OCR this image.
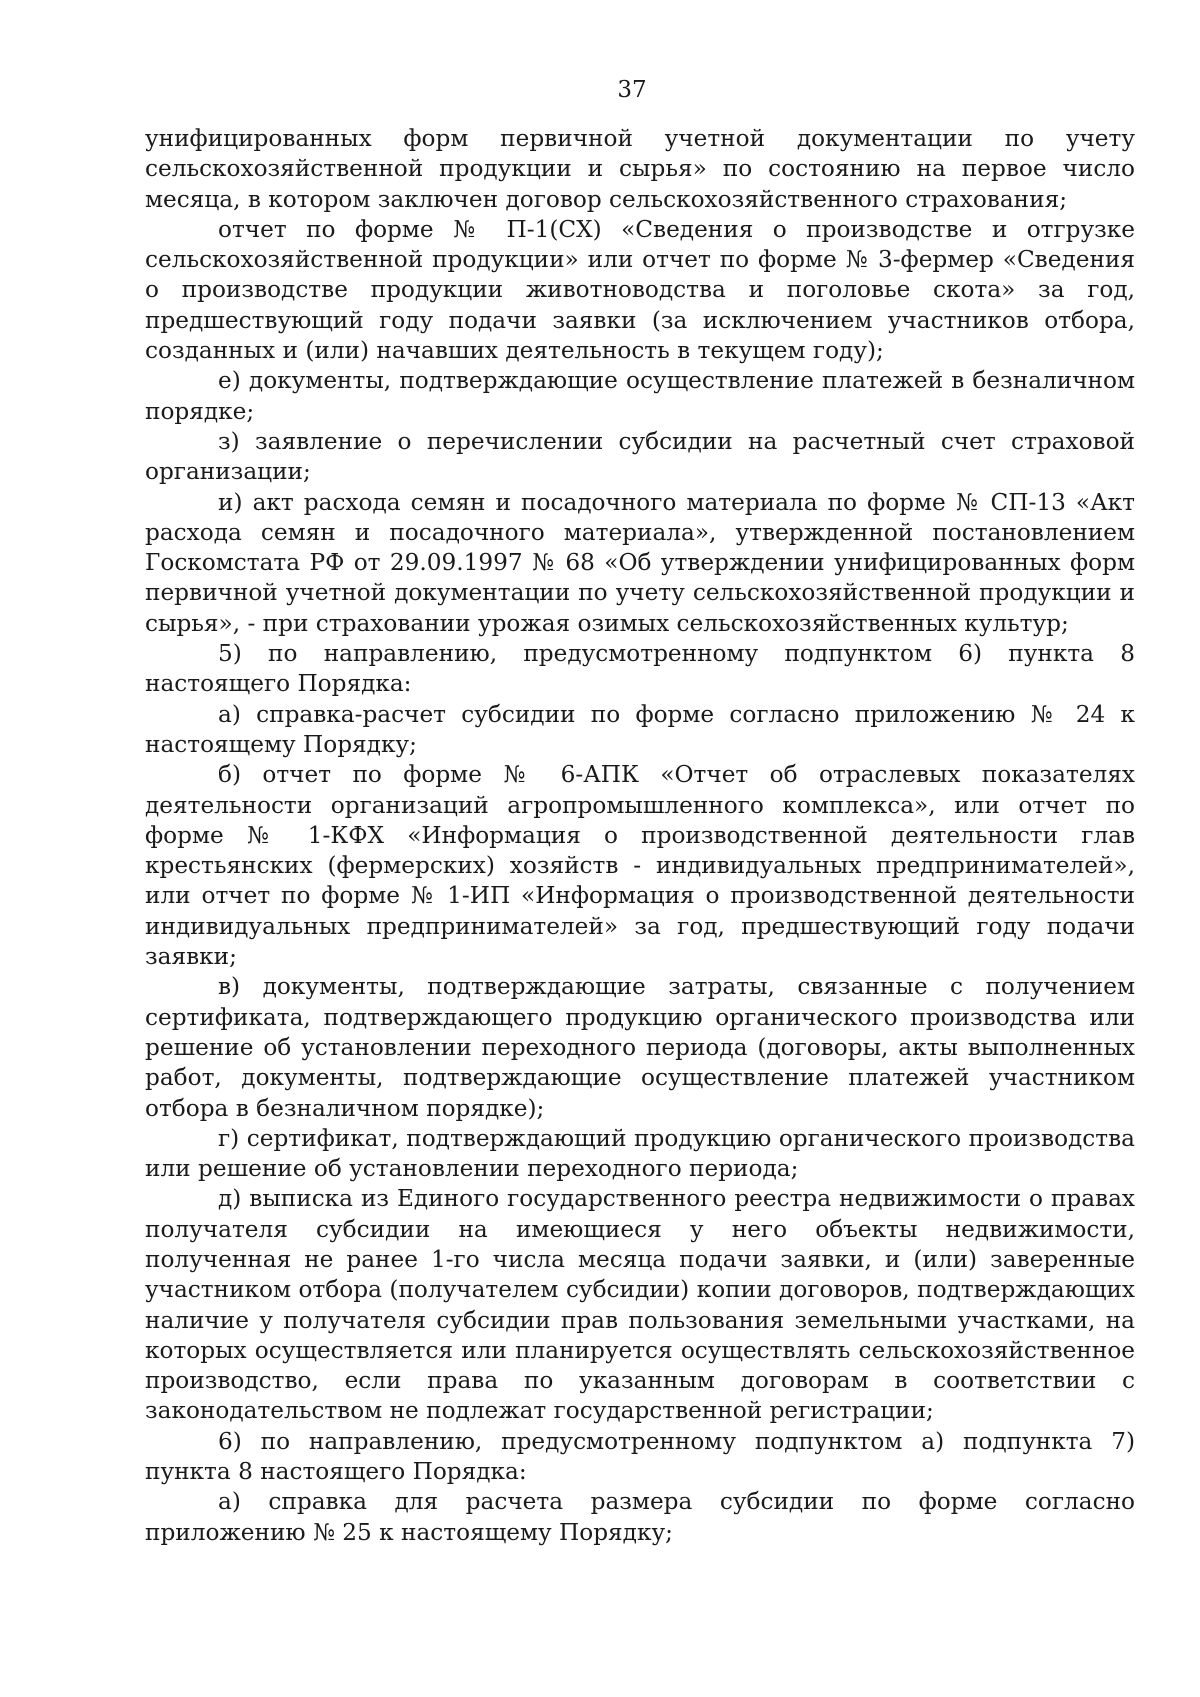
37

унифицированных форм первичной учетной документации по учету сельскохозяйственной продукции и сырья» по состоянию на первое число месяца, в котором заключен договор сельскохозяйственного страхования;

отчет по форме № П-1(СХ) «Сведения о производстве и отгрузке сельскохозяйственной продукции» или отчет по форме № 3-фермер «Сведения о производстве продукции животноводства и поголовье скота» за год, предшествующий году подачи заявки (за исключением участников отбора, созданных и (или) начавших деятельность в текущем году);

е) документы, подтверждающие осуществление платежей в безналичном порядке;

з) заявление о перечислении субсидии на расчетный счет страховой организации;

и) акт расхода семян и посадочного материала по форме № СП-13 «Акт расхода семян и посадочного материала», утвержденной постановлением Госкомстата РФ от 29.09.1997 № 68 «Об утверждении унифицированных форм первичной учетной документации по учету сельскохозяйственной продукции и сырья», - при страховании урожая озимых сельскохозяйственных культур;

5) по направлению, предусмотренному подпунктом 6) пункта 8 настоящего Порядка:

а) справка-расчет субсидии по форме согласно приложению № 24 к настоящему Порядку;

б) отчет по форме № 6-АПК «Отчет об отраслевых показателях деятельности организаций агропромышленного комплекса», или отчет по форме № 1-КФХ «Информация о производственной деятельности глав крестьянских (фермерских) хозяйств - индивидуальных предпринимателей», или отчет по форме № 1-ИП «Информация о производственной деятельности индивидуальных предпринимателей» за год, предшествующий году подачи заявки;

в) документы, подтверждающие затраты, связанные с получением сертификата, подтверждающего продукцию органического производства или решение об установлении переходного периода (договоры, акты выполненных работ, документы, подтверждающие осуществление платежей участником отбора в безналичном порядке);

г) сертификат, подтверждающий продукцию органического производства или решение об установлении переходного периода;

д) выписка из Единого государственного реестра недвижимости о правах получателя субсидии на имеющиеся у него объекты недвижимости, полученная не ранее 1-го числа месяца подачи заявки, и (или) заверенные участником отбора (получателем субсидии) копии договоров, подтверждающих наличие у получателя субсидии прав пользования земельными участками, на которых осуществляется или планируется осуществлять сельскохозяйственное производство, если права по указанным договорам в соответствии с законодательством не подлежат государственной регистрации;

6) по направлению, предусмотренному подпунктом а) подпункта 7) пункта 8 настоящего Порядка:

а) справка для расчета размера субсидии по форме согласно приложению № 25 к настоящему Порядку;
